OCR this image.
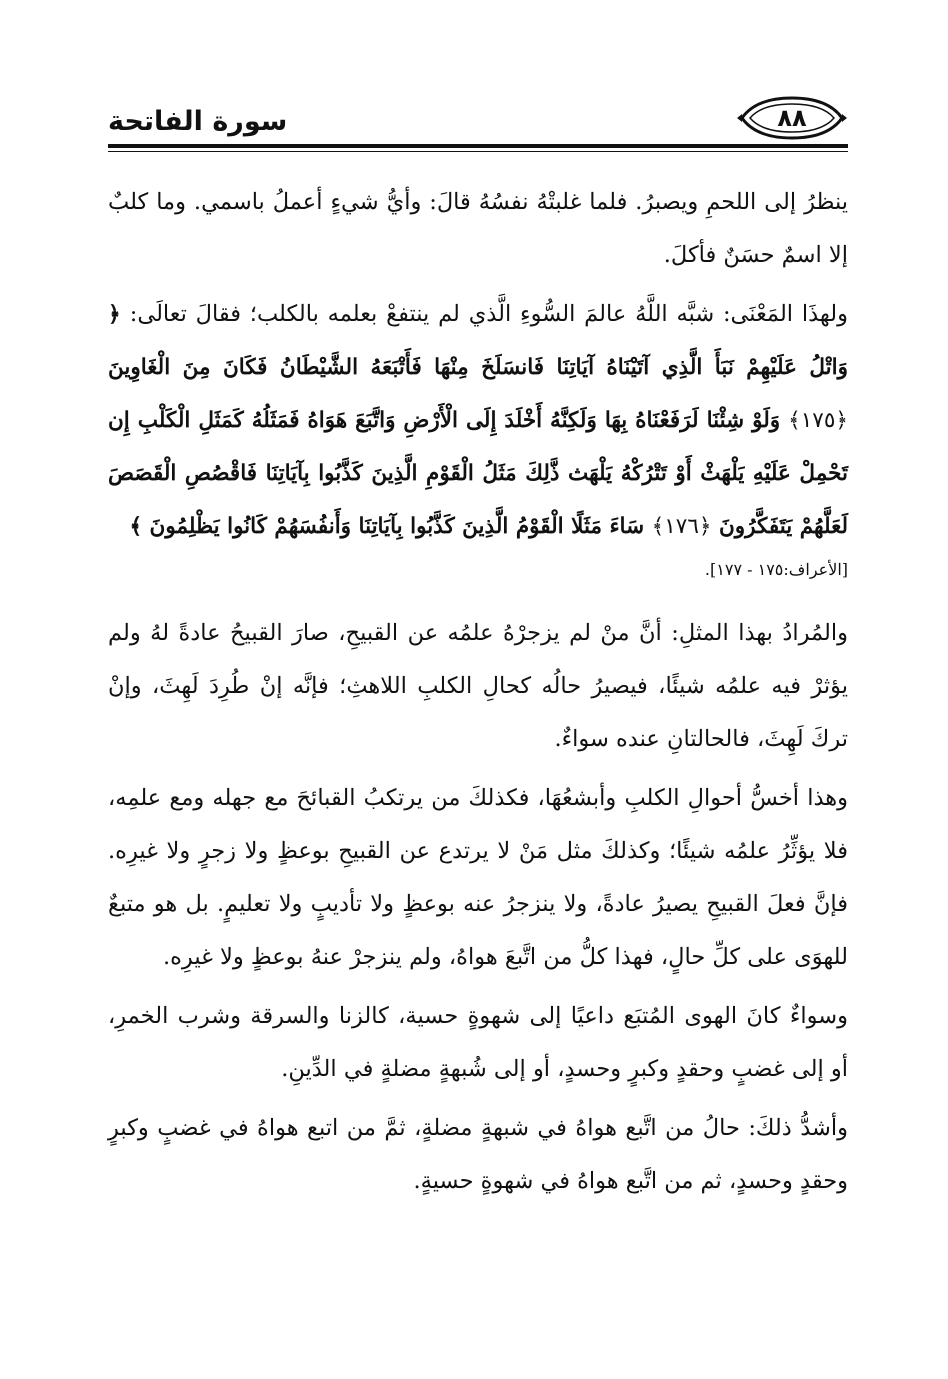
سورة الفاتحة	٨٨

ينظرُ إلى اللحمِ ويصبرُ. فلما غلبتْهُ نفسُهُ قالَ: وأيُّ شيءٍ أعملُ باسمي. وما كلبٌ إلا اسمٌ حسَنٌ فأكلَ.

ولهذَا المَعْنَى: شبَّه اللَّهُ عالمَ السُّوءِ الَّذي لم ينتفعْ بعلمه بالكلب؛ فقالَ تعالَى: ﴿ وَاتْلُ عَلَيْهِمْ نَبَأَ الَّذِي آتَيْنَاهُ آيَاتِنَا فَانسَلَخَ مِنْهَا فَأَتْبَعَهُ الشَّيْطَانُ فَكَانَ مِنَ الْغَاوِينَ ﴿١٧٥﴾ وَلَوْ شِئْنَا لَرَفَعْنَاهُ بِهَا وَلَكِنَّهُ أَخْلَدَ إِلَى الْأَرْضِ وَاتَّبَعَ هَوَاهُ فَمَثَلُهُ كَمَثَلِ الْكَلْبِ إِن تَحْمِلْ عَلَيْهِ يَلْهَثْ أَوْ تَتْرُكْهُ يَلْهَث ذَّلِكَ مَثَلُ الْقَوْمِ الَّذِينَ كَذَّبُوا بِآيَاتِنَا فَاقْصُصِ الْقَصَصَ لَعَلَّهُمْ يَتَفَكَّرُونَ ﴿١٧٦﴾ سَاءَ مَثَلًا الْقَوْمُ الَّذِينَ كَذَّبُوا بِآيَاتِنَا وَأَنفُسَهُمْ كَانُوا يَظْلِمُونَ ﴾

[الأعراف:١٧٥ - ١٧٧].

والمُرادُ بهذا المثلِ: أنَّ منْ لم يزجرْهُ علمُه عن القبيحِ، صارَ القبيحُ عادةً لهُ ولم يؤثرْ فيه علمُه شيئًا، فيصيرُ حالُه كحالِ الكلبِ اللاهثِ؛ فإنَّه إنْ طُرِدَ لَهِثَ، وإنْ تركَ لَهِثَ، فالحالتانِ عنده سواءٌ.

وهذا أخسُّ أحوالِ الكلبِ وأبشعُهَا، فكذلكَ من يرتكبُ القبائحَ مع جهله ومع علمِه، فلا يؤثِّرُ علمُه شيئًا؛ وكذلكَ مثل مَنْ لا يرتدع عن القبيحِ بوعظٍ ولا زجرٍ ولا غيرِه. فإنَّ فعلَ القبيحِ يصيرُ عادةً، ولا ينزجرُ عنه بوعظٍ ولا تأديبٍ ولا تعليمٍ. بل هو متبعٌ للهوَى على كلِّ حالٍ، فهذا كلُّ من اتَّبعَ هواهُ، ولم ينزجرْ عنهُ بوعظٍ ولا غيرِه.

وسواءٌ كانَ الهوى المُتبَع داعيًا إلى شهوةٍ حسية، كالزنا والسرقة وشرب الخمرِ، أو إلى غضبٍ وحقدٍ وكبرٍ وحسدٍ، أو إلى شُبهةٍ مضلةٍ في الدِّينِ.

وأشدُّ ذلكَ: حالُ من اتَّبع هواهُ في شبهةٍ مضلةٍ، ثمَّ من اتبع هواهُ في غضبٍ وكبرٍ وحقدٍ وحسدٍ، ثم من اتَّبع هواهُ في شهوةٍ حسيةٍ.
